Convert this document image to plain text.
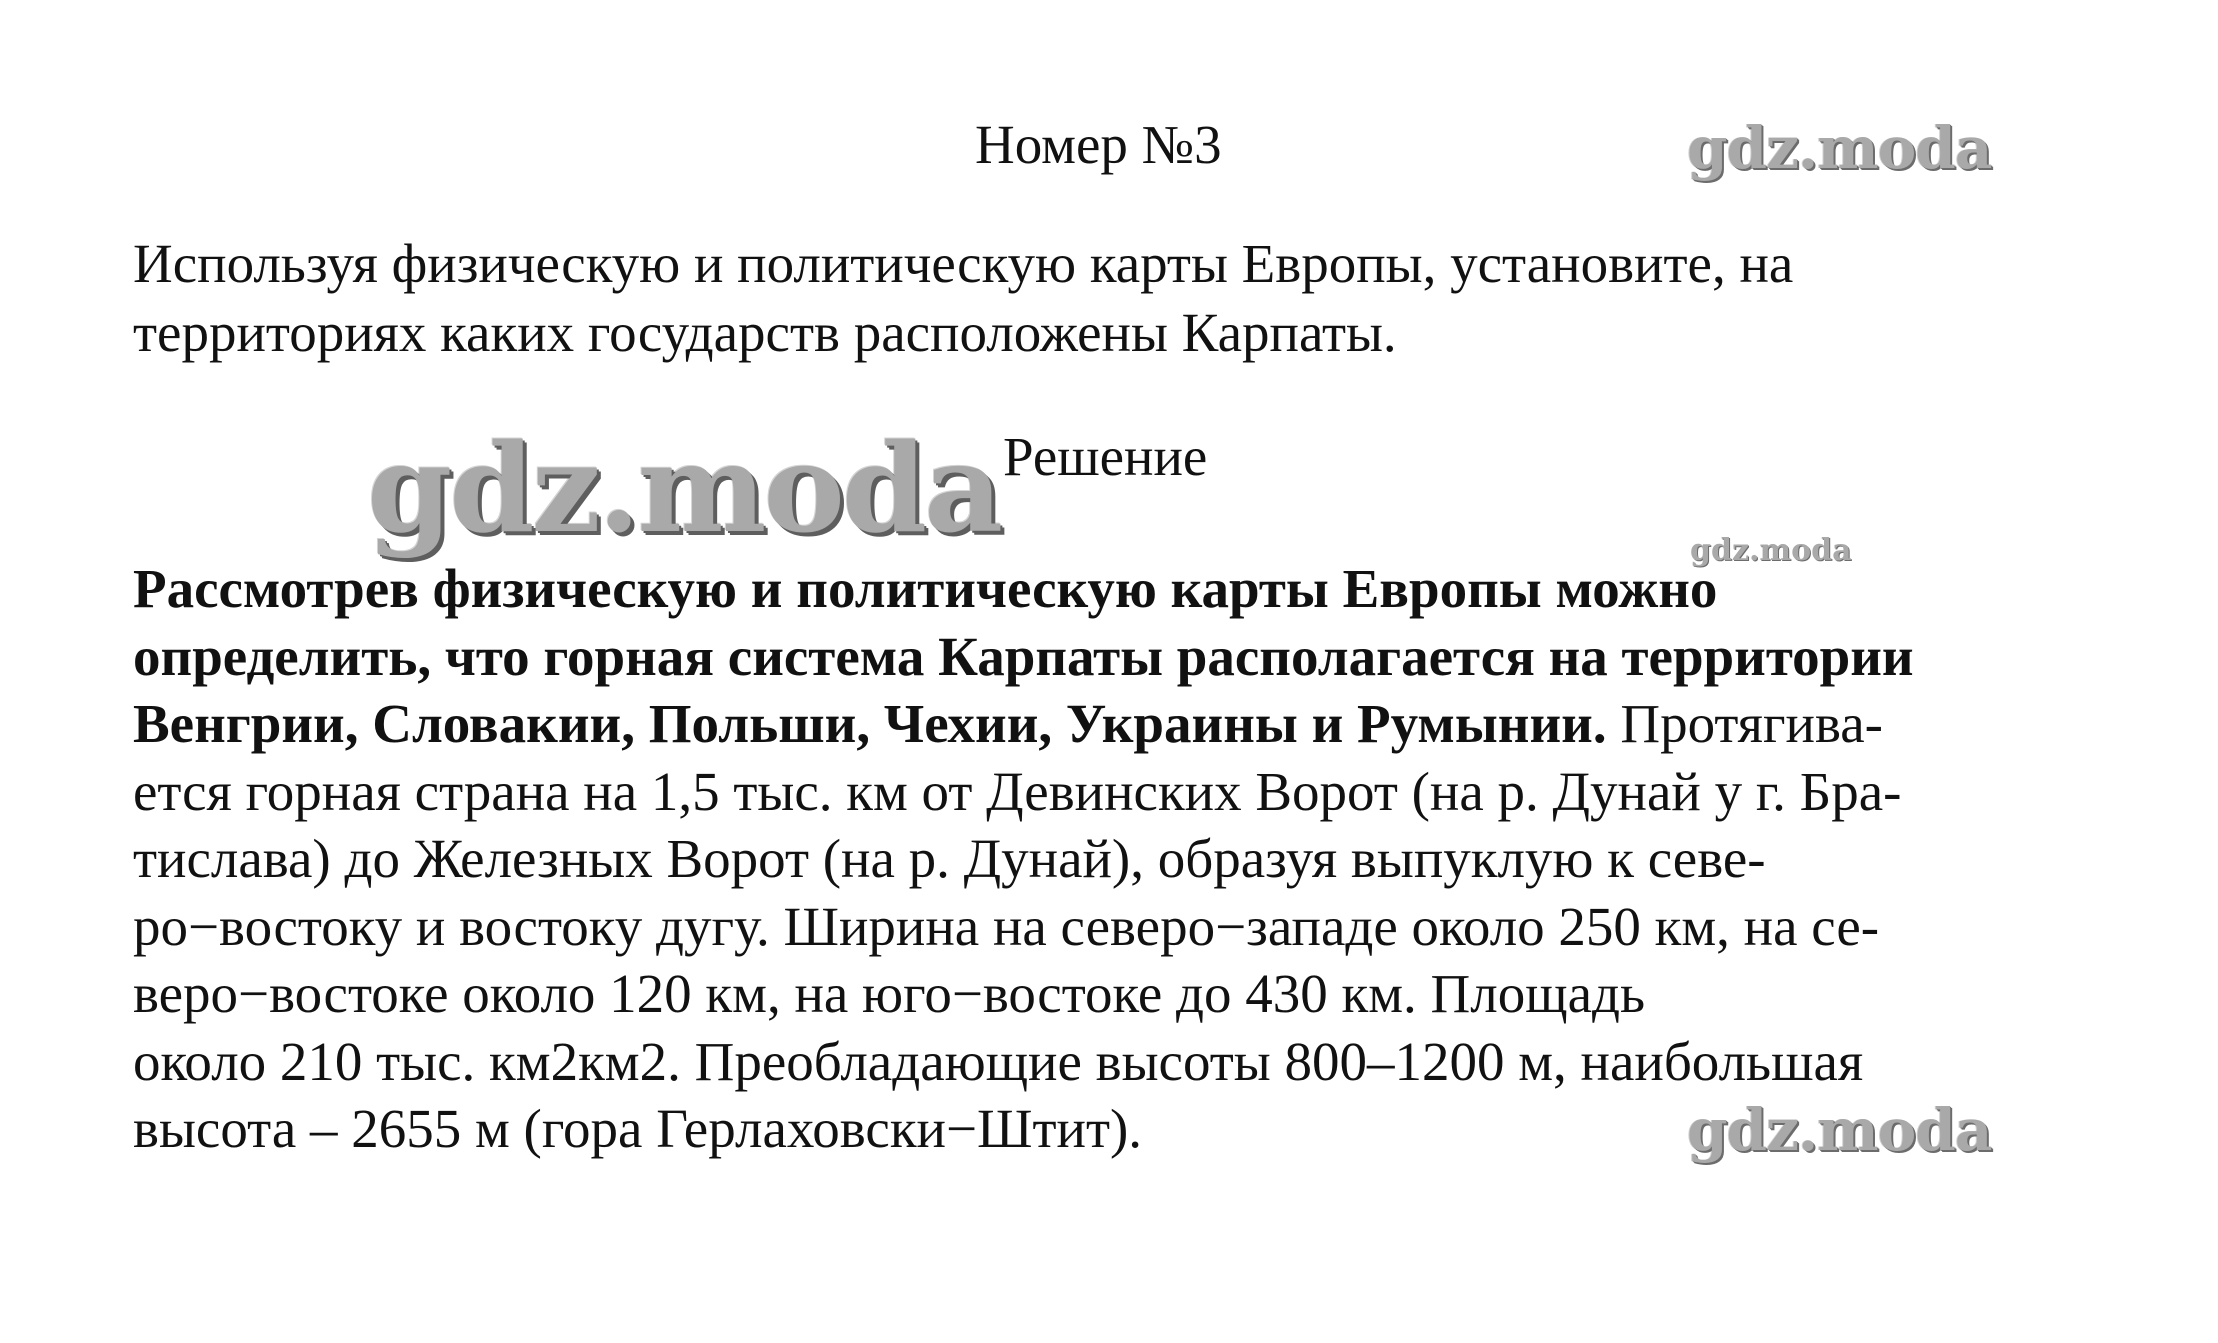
Номер №3	gdz.moda
Используя физическую и политическую карты Европы, установите, на
территориях каких государств расположены Карпаты.
gdz.moda Решение
gdz.moda
Рассмотрев физическую и политическую карты Европы можно
определить, что горная система Карпаты располагается на территории
Венгрии, Словакии, Польши, Чехии, Украины и Румынии. Протягива-
ется горная страна на 1,5 тыс. км от Девинских Ворот (на р. Дунай у г. Бра-
тислава) до Железных Ворот (на р. Дунай), образуя выпуклую к севе-
ро−востоку и востоку дугу. Ширина на северо−западе около 250 км, на се-
веро−востоке около 120 км, на юго−востоке до 430 км. Площадь
около 210 тыс. км2км2. Преобладающие высоты 800–1200 м, наибольшая
высота – 2655 м (гора Герлаховски−Штит).	gdz.moda
